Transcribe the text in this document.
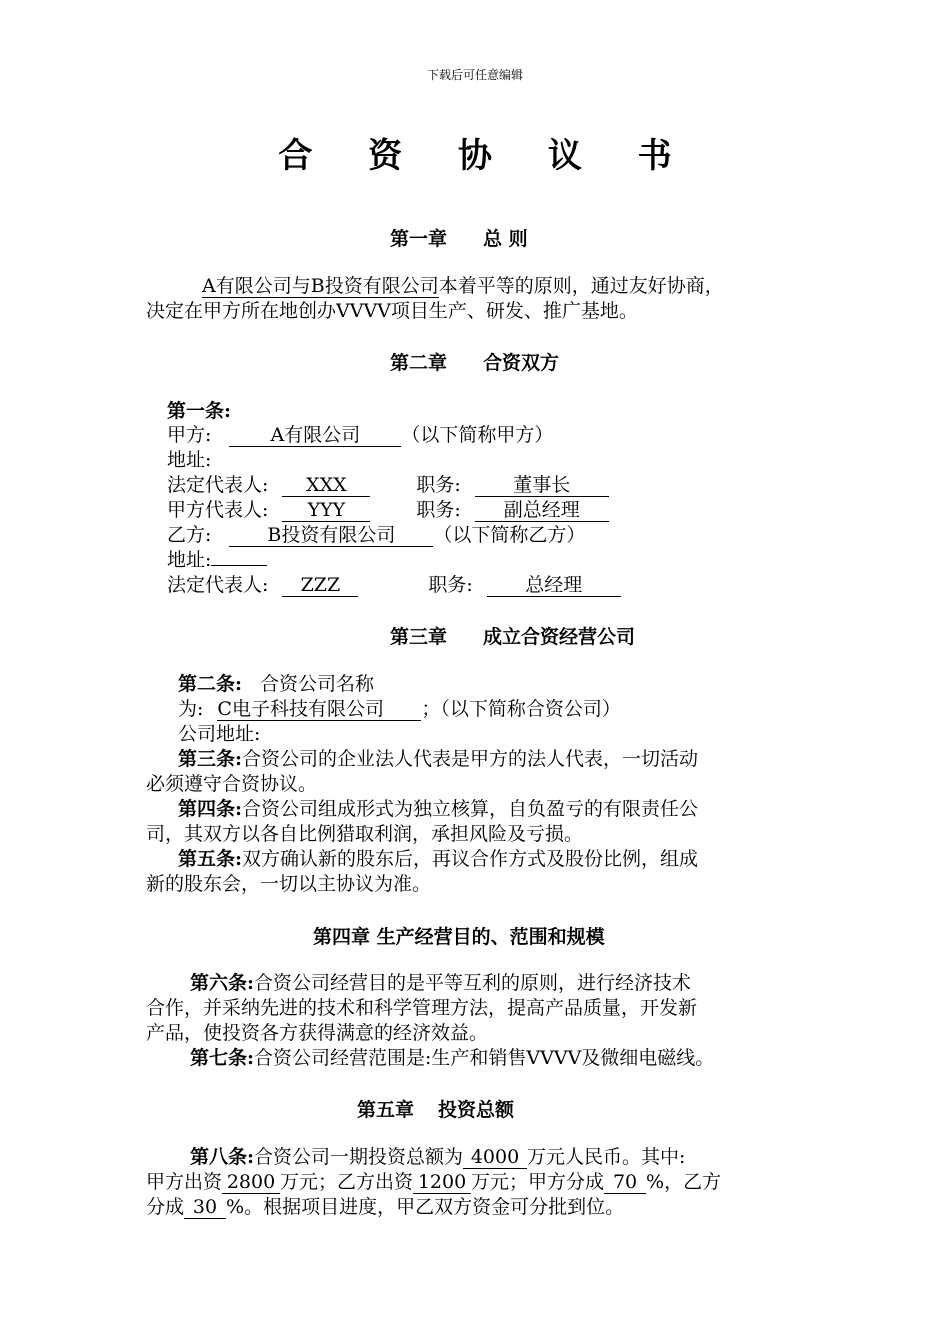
下载后可任意编辑
合 资 协 议 书
第一章 总 则
A有限公司与B投资有限公司本着平等的原则，通过友好协商，
决定在甲方所在地创办VVVV项目生产、研发、推广基地。
第二章 合资双方
第一条:
甲方:	A有限公司 （以下简称甲方）
地址:
法定代表人: XXX	职务:	董事长
甲方代表人: YYY	职务: 副总经理
乙方:	B投资有限公司 （以下简称乙方）
地址:
法定代表人: ZZZ	职务:	总经理
第三章 成立合资经营公司
第二条: 合资公司名称
为: C电子科技有限公司 ；（以下简称合资公司）
公司地址:
第三条:合资公司的企业法人代表是甲方的法人代表，一切活动
必须遵守合资协议。
第四条:合资公司组成形式为独立核算，自负盈亏的有限责任公
司，其双方以各自比例猎取利润，承担风险及亏损。
第五条:双方确认新的股东后，再议合作方式及股份比例，组成
新的股东会，一切以主协议为准。
第四章 生产经营目的、范围和规模
第六条:合资公司经营目的是平等互利的原则，进行经济技术
合作，并采纳先进的技术和科学管理方法，提高产品质量，开发新
产品，使投资各方获得满意的经济效益。
第七条:合资公司经营范围是:生产和销售VVVV及微细电磁线。
第五章 投资总额
第八条:合资公司一期投资总额为 4000 万元人民币。其中:
甲方出资 2800 万元；乙方出资 1200 万元；甲方分成 70 %，乙方
分成 30 %。根据项目进度，甲乙双方资金可分批到位。
